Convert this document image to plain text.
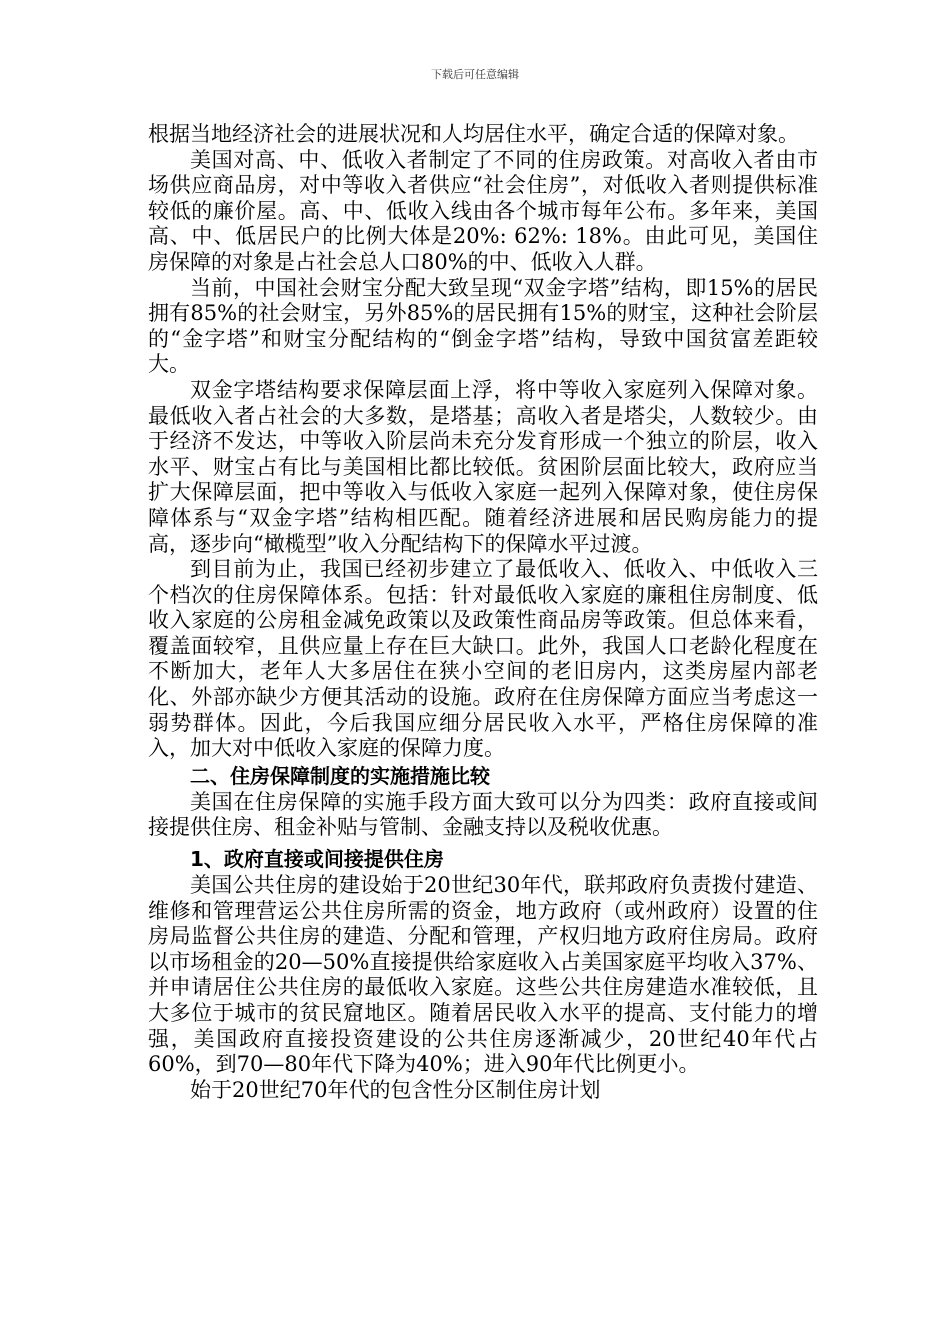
下载后可任意编辑

根据当地经济社会的进展状况和人均居住水平，确定合适的保障对象。

美国对高、中、低收入者制定了不同的住房政策。对高收入者由市场供应商品房，对中等收入者供应“社会住房”，对低收入者则提供标准较低的廉价屋。高、中、低收入线由各个城市每年公布。多年来，美国高、中、低居民户的比例大体是20%: 62%: 18%。由此可见，美国住房保障的对象是占社会总人口80%的中、低收入人群。

当前，中国社会财宝分配大致呈现“双金字塔”结构，即15%的居民拥有85%的社会财宝，另外85%的居民拥有15%的财宝，这种社会阶层的“金字塔”和财宝分配结构的“倒金字塔”结构，导致中国贫富差距较大。

双金字塔结构要求保障层面上浮，将中等收入家庭列入保障对象。最低收入者占社会的大多数，是塔基；高收入者是塔尖，人数较少。由于经济不发达，中等收入阶层尚未充分发育形成一个独立的阶层，收入水平、财宝占有比与美国相比都比较低。贫困阶层面比较大，政府应当扩大保障层面，把中等收入与低收入家庭一起列入保障对象，使住房保障体系与“双金字塔”结构相匹配。随着经济进展和居民购房能力的提高，逐步向“橄榄型”收入分配结构下的保障水平过渡。

到目前为止，我国已经初步建立了最低收入、低收入、中低收入三个档次的住房保障体系。包括：针对最低收入家庭的廉租住房制度、低收入家庭的公房租金减免政策以及政策性商品房等政策。但总体来看，覆盖面较窄，且供应量上存在巨大缺口。此外，我国人口老龄化程度在不断加大，老年人大多居住在狭小空间的老旧房内，这类房屋内部老化、外部亦缺少方便其活动的设施。政府在住房保障方面应当考虑这一弱势群体。因此，今后我国应细分居民收入水平，严格住房保障的准入，加大对中低收入家庭的保障力度。

二、住房保障制度的实施措施比较

美国在住房保障的实施手段方面大致可以分为四类：政府直接或间接提供住房、租金补贴与管制、金融支持以及税收优惠。

1、政府直接或间接提供住房

美国公共住房的建设始于20世纪30年代，联邦政府负责拨付建造、维修和管理营运公共住房所需的资金，地方政府（或州政府）设置的住房局监督公共住房的建造、分配和管理，产权归地方政府住房局。政府以市场租金的20—50%直接提供给家庭收入占美国家庭平均收入37%、并申请居住公共住房的最低收入家庭。这些公共住房建造水准较低，且大多位于城市的贫民窟地区。随着居民收入水平的提高、支付能力的增强，美国政府直接投资建设的公共住房逐渐减少，20世纪40年代占60%，到70—80年代下降为40%；进入90年代比例更小。

始于20世纪70年代的包含性分区制住房计划
